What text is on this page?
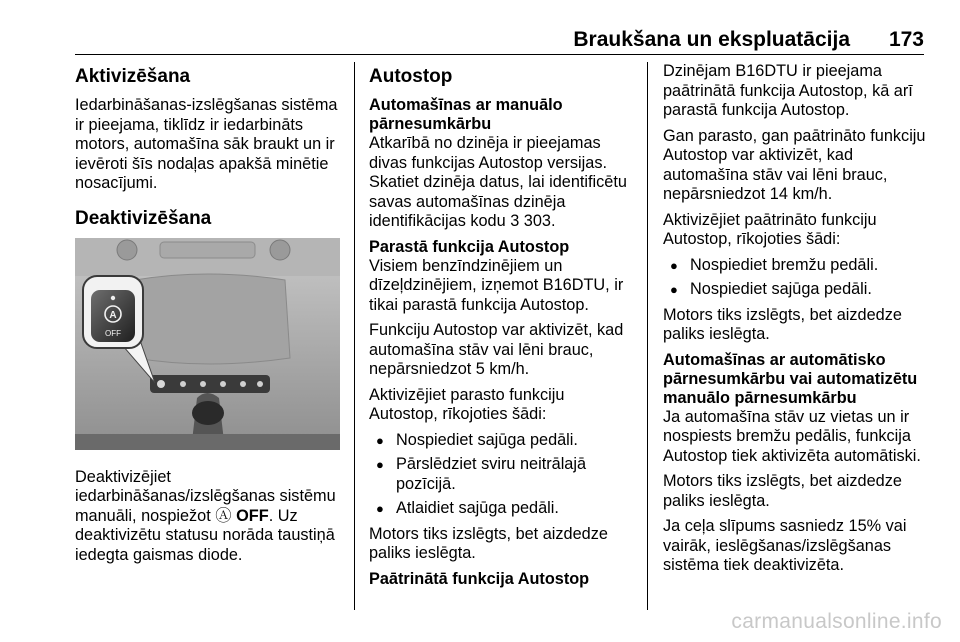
Braukšana un ekspluatācija 173
Aktivizēšana

Iedarbināšanas-izslēgšanas sistēma ir pieejama, tiklīdz ir iedarbināts motors, automašīna sāk braukt un ir ievēroti šīs nodaļas apakšā minētie nosacījumi.

Deaktivizēšana
A
OFF

Deaktivizējiet iedarbināšanas/izslēgšanas sistēmu manuāli, nospiežot Ⓐ OFF. Uz deaktivizētu statusu norāda taustiņā iedegta gaismas diode.

Autostop
Automašīnas ar manuālo pārnesumkārbu

Atkarībā no dzinēja ir pieejamas divas funkcijas Autostop versijas. Skatiet dzinēja datus, lai identificētu savas automašīnas dzinēja identifikācijas kodu 3 303.

Parastā funkcija Autostop

Visiem benzīndzinējiem un dīzeļdzinējiem, izņemot B16DTU, ir tikai parastā funkcija Autostop.

Funkciju Autostop var aktivizēt, kad automašīna stāv vai lēni brauc, nepārsniedzot 5 km/h.

Aktivizējiet parasto funkciju Autostop, rīkojoties šādi:

● Nospiediet sajūga pedāli.
● Pārslēdziet sviru neitrālajā pozīcijā.
● Atlaidiet sajūga pedāli.

Motors tiks izslēgts, bet aizdedze paliks ieslēgta.

Paātrinātā funkcija Autostop

Dzinējam B16DTU ir pieejama paātrinātā funkcija Autostop, kā arī parastā funkcija Autostop.

Gan parasto, gan paātrināto funkciju Autostop var aktivizēt, kad automašīna stāv vai lēni brauc, nepārsniedzot 14 km/h.

Aktivizējiet paātrināto funkciju Autostop, rīkojoties šādi:

● Nospiediet bremžu pedāli.
● Nospiediet sajūga pedāli.

Motors tiks izslēgts, bet aizdedze paliks ieslēgta.

Automašīnas ar automātisko pārnesumkārbu vai automatizētu manuālo pārnesumkārbu

Ja automašīna stāv uz vietas un ir nospiests bremžu pedālis, funkcija Autostop tiek aktivizēta automātiski.

Motors tiks izslēgts, bet aizdedze paliks ieslēgta.

Ja ceļa slīpums sasniedz 15% vai vairāk, ieslēgšanas/izslēgšanas sistēma tiek deaktivizēta.

carmanualsonline.info
